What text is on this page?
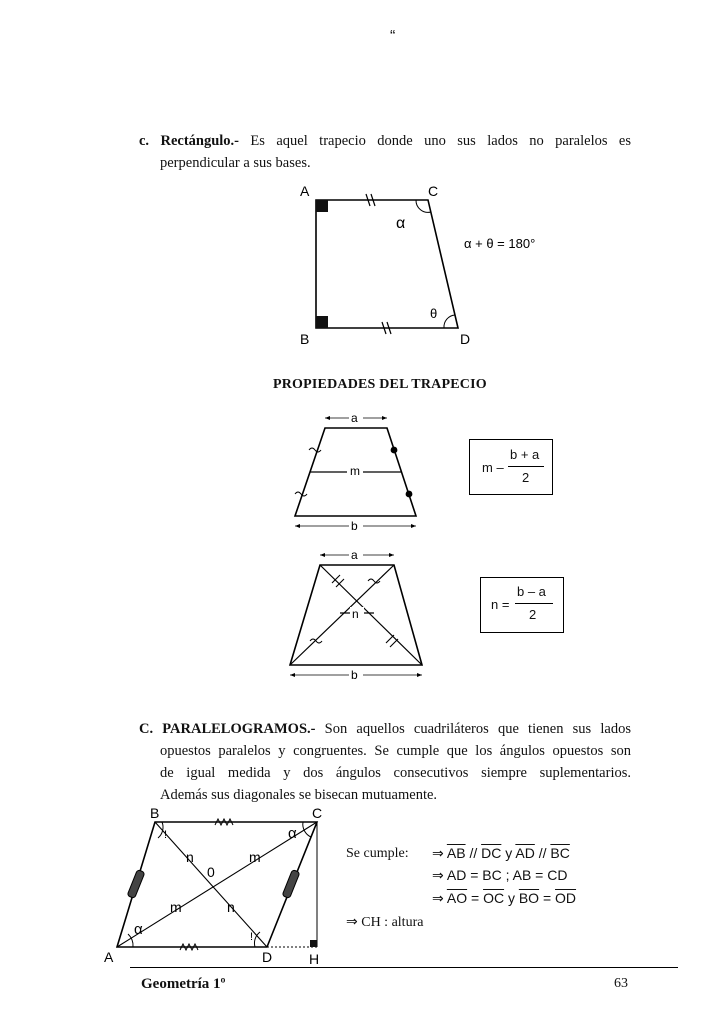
“
c. Rectángulo.- Es aquel trapecio donde uno sus lados no paralelos es
perpendicular a sus bases.
A	C
B	D
α
θ
α + θ = 180°
PROPIEDADES DEL TRAPECIO
a
m
b
m –
b + a
2
a
n
b
n =
b – a
2
C. PARALELOGRAMOS.- Son aquellos cuadriláteros que tienen sus lados
opuestos paralelos y congruentes. Se cumple que los ángulos opuestos son
de igual medida y dos ángulos consecutivos siempre suplementarios.
Además sus diagonales se bisecan mutuamente.
!
!
B	C
A	D	H
0
n	m
m	n
α
α
Se cumple: ⇒ $\overline{AB} // \overline{DC}$ y $\overline{AD} // \overline{BC}$
⇒ AD = BC ; AB = CD
⇒ $\overline{AO} = \overline{OC}$ y $\overline{BO} = \overline{OD}$
⇒ CH : altura
Geometría 1º	63
